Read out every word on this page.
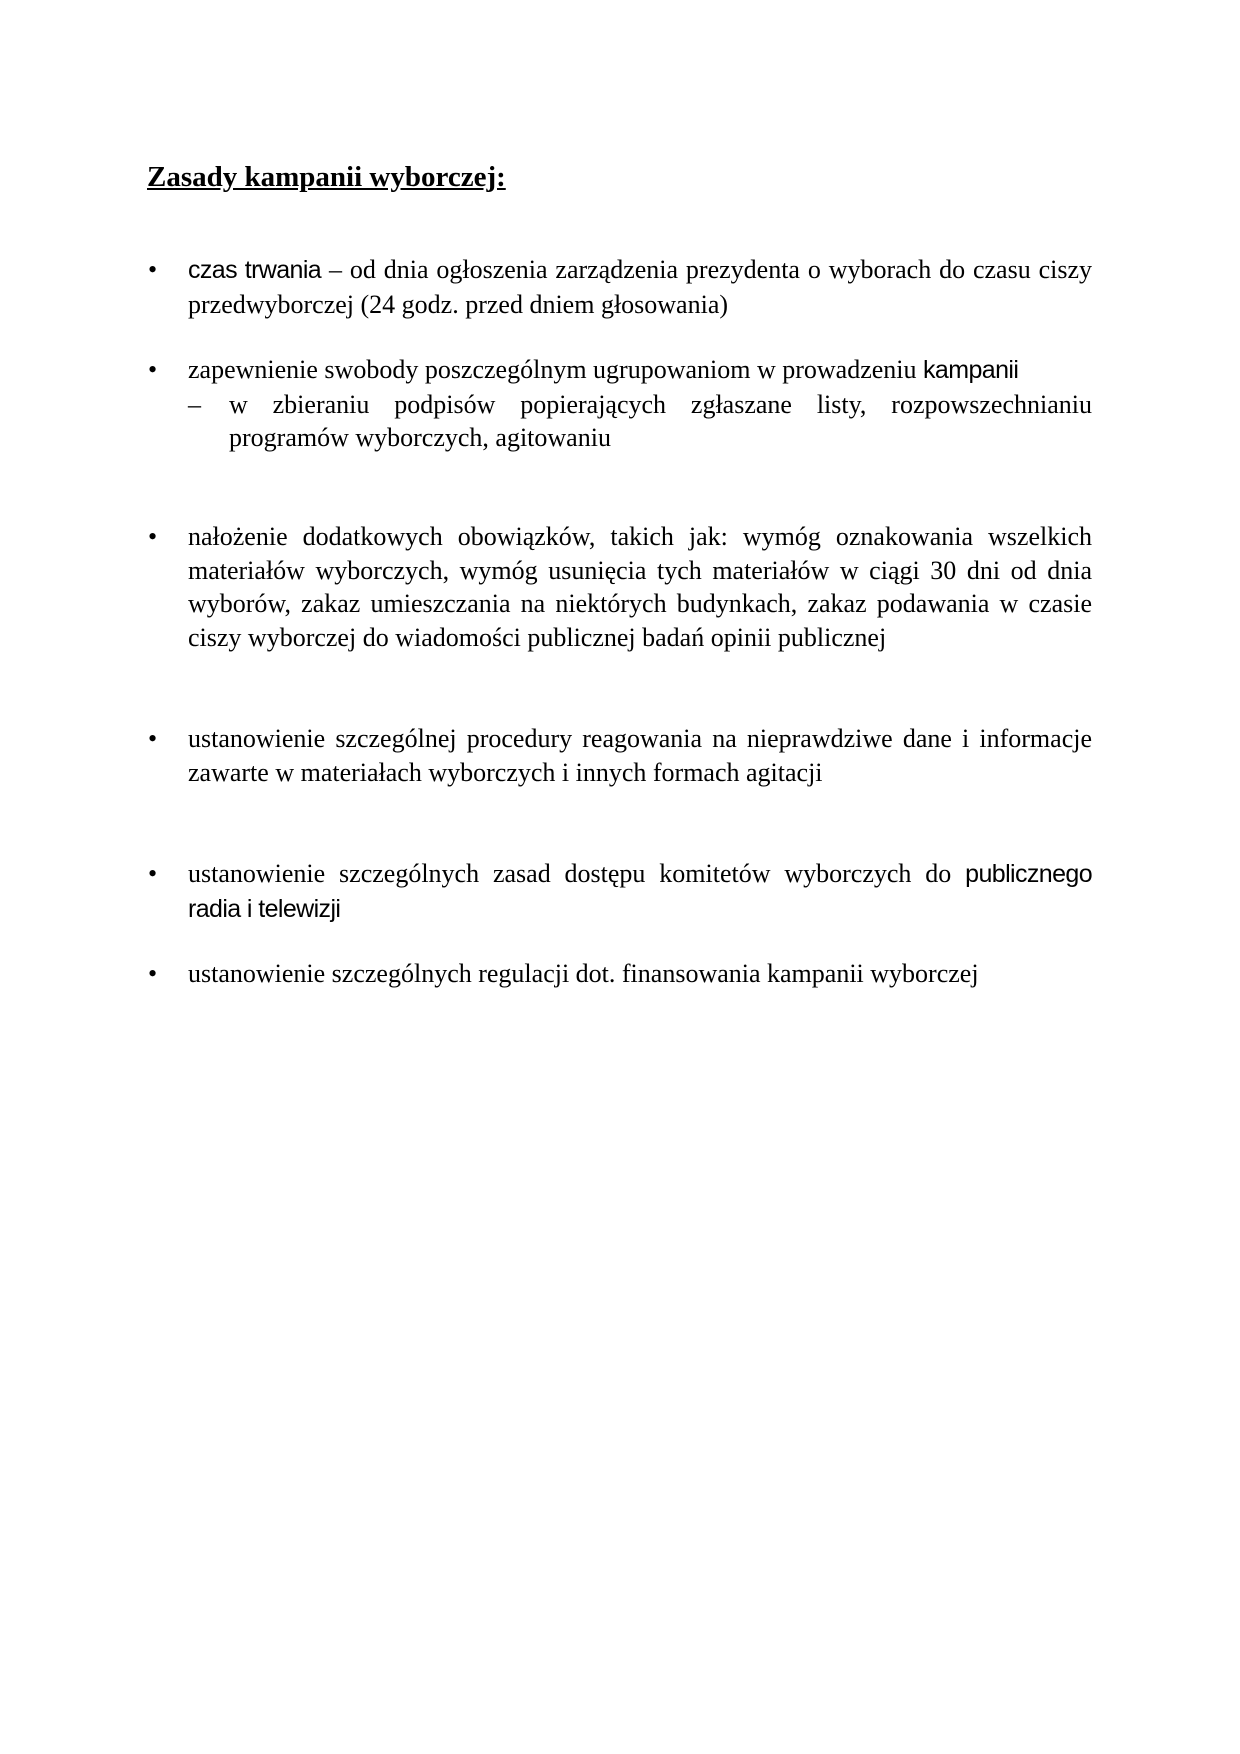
Zasady kampanii wyborczej:
•	czas trwania – od dnia ogłoszenia zarządzenia prezydenta o wyborach do czasu ciszy przedwyborczej (24 godz. przed dniem głosowania)
•	zapewnienie swobody poszczególnym ugrupowaniom w prowadzeniu kampanii
–	w zbieraniu podpisów popierających zgłaszane listy, rozpowszechnianiu programów wyborczych, agitowaniu
•	nałożenie dodatkowych obowiązków, takich jak: wymóg oznakowania wszelkich materiałów wyborczych, wymóg usunięcia tych materiałów w ciągi 30 dni od dnia wyborów, zakaz umieszczania na niektórych budynkach, zakaz podawania w czasie ciszy wyborczej do wiadomości publicznej badań opinii publicznej
•	ustanowienie szczególnej procedury reagowania na nieprawdziwe dane i informacje zawarte w materiałach wyborczych i innych formach agitacji
•	ustanowienie szczególnych zasad dostępu komitetów wyborczych do publicznego radia i telewizji
•	ustanowienie szczególnych regulacji dot. finansowania kampanii wyborczej
